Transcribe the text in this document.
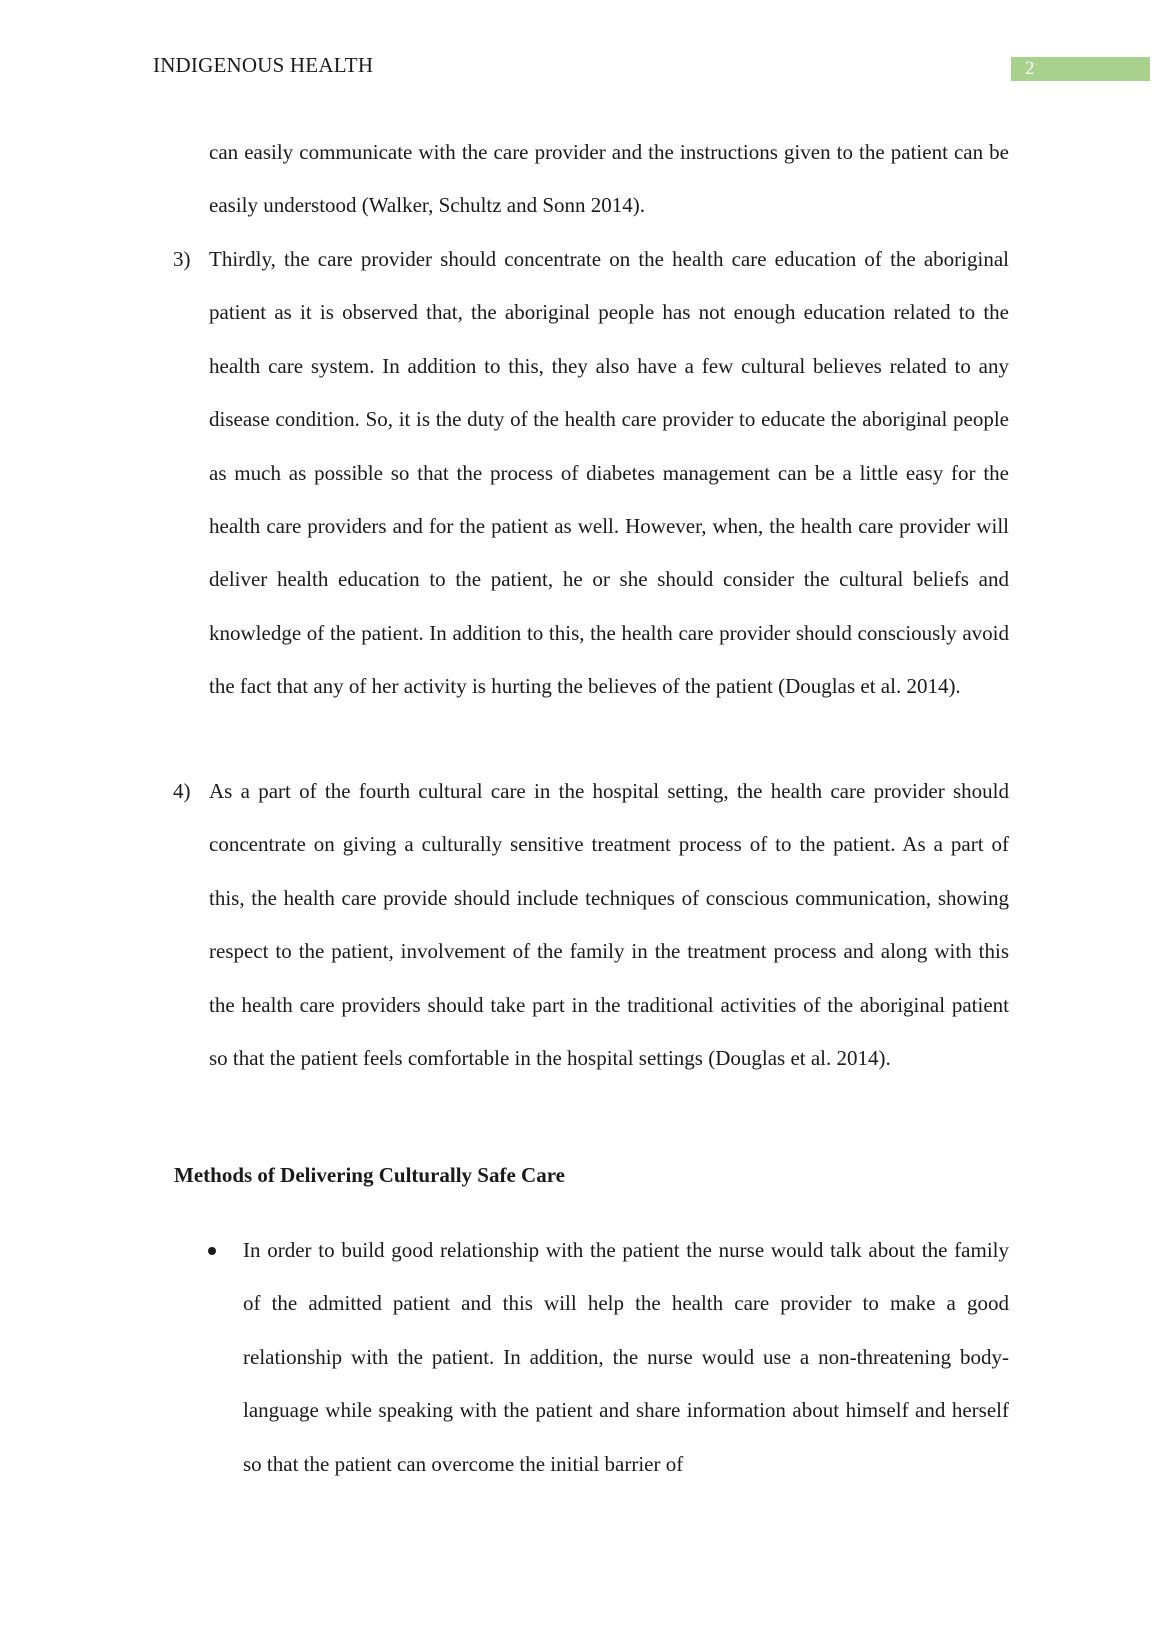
INDIGENOUS HEALTH	2

can easily communicate with the care provider and the instructions given to the patient can be easily understood (Walker, Schultz and Sonn 2014).

3) Thirdly, the care provider should concentrate on the health care education of the aboriginal patient as it is observed that, the aboriginal people has not enough education related to the health care system. In addition to this, they also have a few cultural believes related to any disease condition. So, it is the duty of the health care provider to educate the aboriginal people as much as possible so that the process of diabetes management can be a little easy for the health care providers and for the patient as well. However, when, the health care provider will deliver health education to the patient, he or she should consider the cultural beliefs and knowledge of the patient. In addition to this, the health care provider should consciously avoid the fact that any of her activity is hurting the believes of the patient (Douglas et al. 2014).
4) As a part of the fourth cultural care in the hospital setting, the health care provider should concentrate on giving a culturally sensitive treatment process of to the patient. As a part of this, the health care provide should include techniques of conscious communication, showing respect to the patient, involvement of the family in the treatment process and along with this the health care providers should take part in the traditional activities of the aboriginal patient so that the patient feels comfortable in the hospital settings (Douglas et al. 2014).
Methods of Delivering Culturally Safe Care
In order to build good relationship with the patient the nurse would talk about the family of the admitted patient and this will help the health care provider to make a good relationship with the patient. In addition, the nurse would use a non-threatening body-language while speaking with the patient and share information about himself and herself so that the patient can overcome the initial barrier of
